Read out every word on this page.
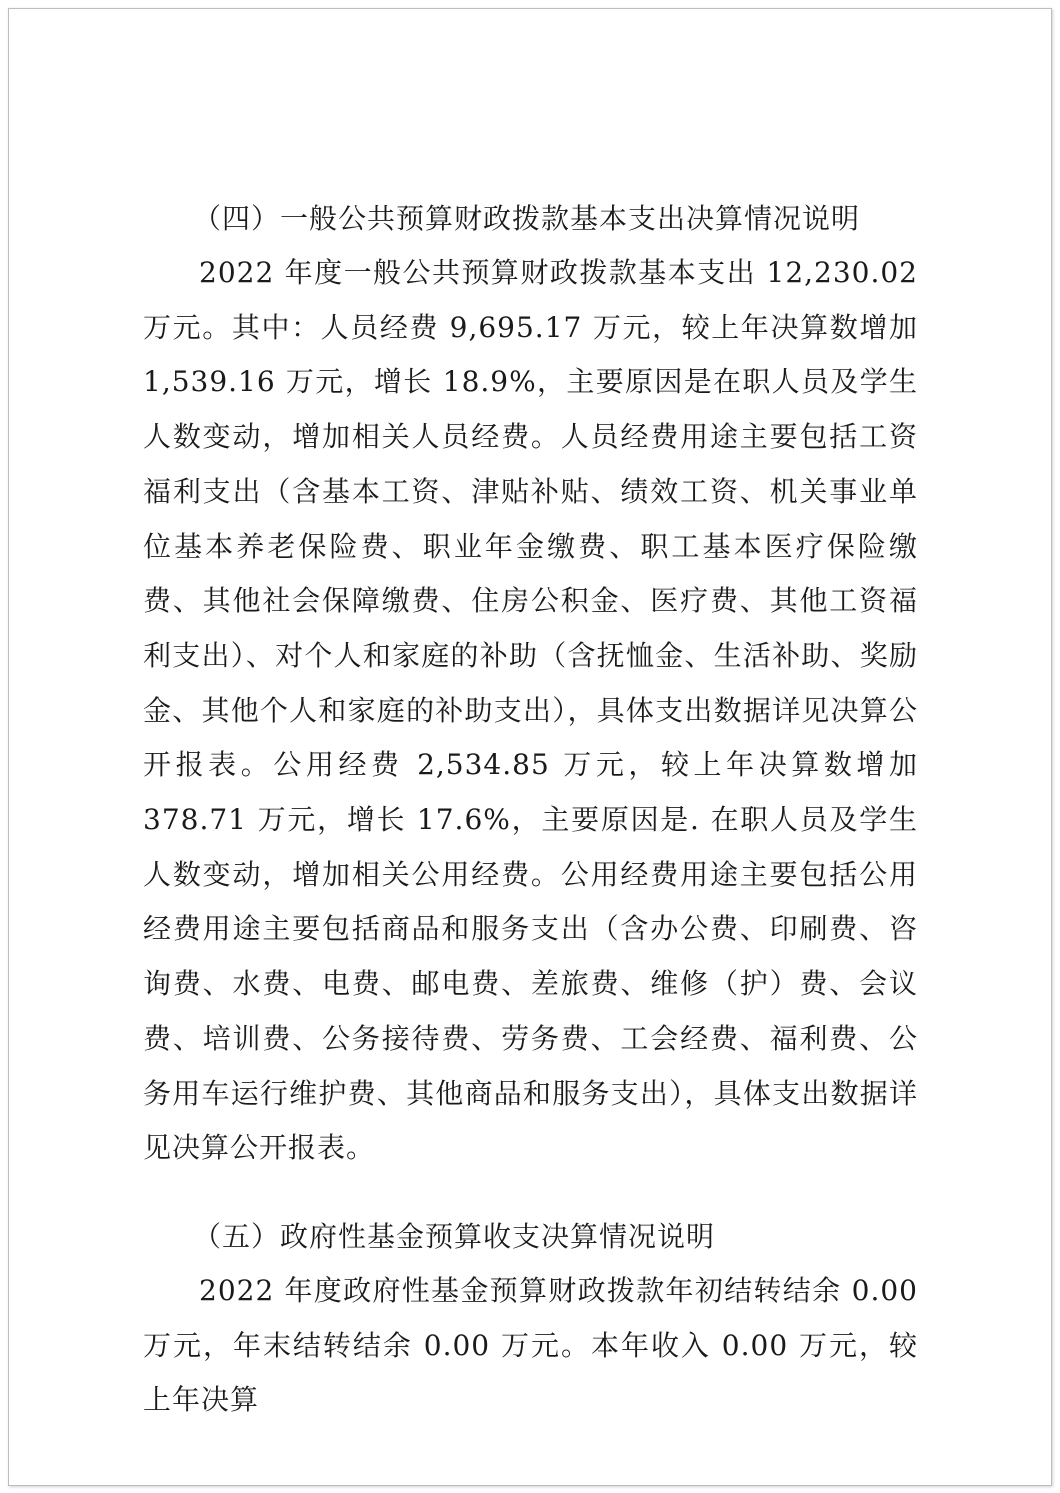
（四）一般公共预算财政拨款基本支出决算情况说明

2022 年度一般公共预算财政拨款基本支出 12,230.02 万元。其中：人员经费 9,695.17 万元，较上年决算数增加 1,539.16 万元，增长 18.9%，主要原因是在职人员及学生人数变动，增加相关人员经费。人员经费用途主要包括工资福利支出（含基本工资、津贴补贴、绩效工资、机关事业单位基本养老保险费、职业年金缴费、职工基本医疗保险缴费、其他社会保障缴费、住房公积金、医疗费、其他工资福利支出）、对个人和家庭的补助（含抚恤金、生活补助、奖励金、其他个人和家庭的补助支出），具体支出数据详见决算公开报表。公用经费 2,534.85 万元，较上年决算数增加 378.71 万元，增长 17.6%，主要原因是. 在职人员及学生人数变动，增加相关公用经费。公用经费用途主要包括公用经费用途主要包括商品和服务支出（含办公费、印刷费、咨询费、水费、电费、邮电费、差旅费、维修（护）费、会议费、培训费、公务接待费、劳务费、工会经费、福利费、公务用车运行维护费、其他商品和服务支出），具体支出数据详见决算公开报表。

（五）政府性基金预算收支决算情况说明

2022 年度政府性基金预算财政拨款年初结转结余 0.00 万元，年末结转结余 0.00 万元。本年收入 0.00 万元，较上年决算
